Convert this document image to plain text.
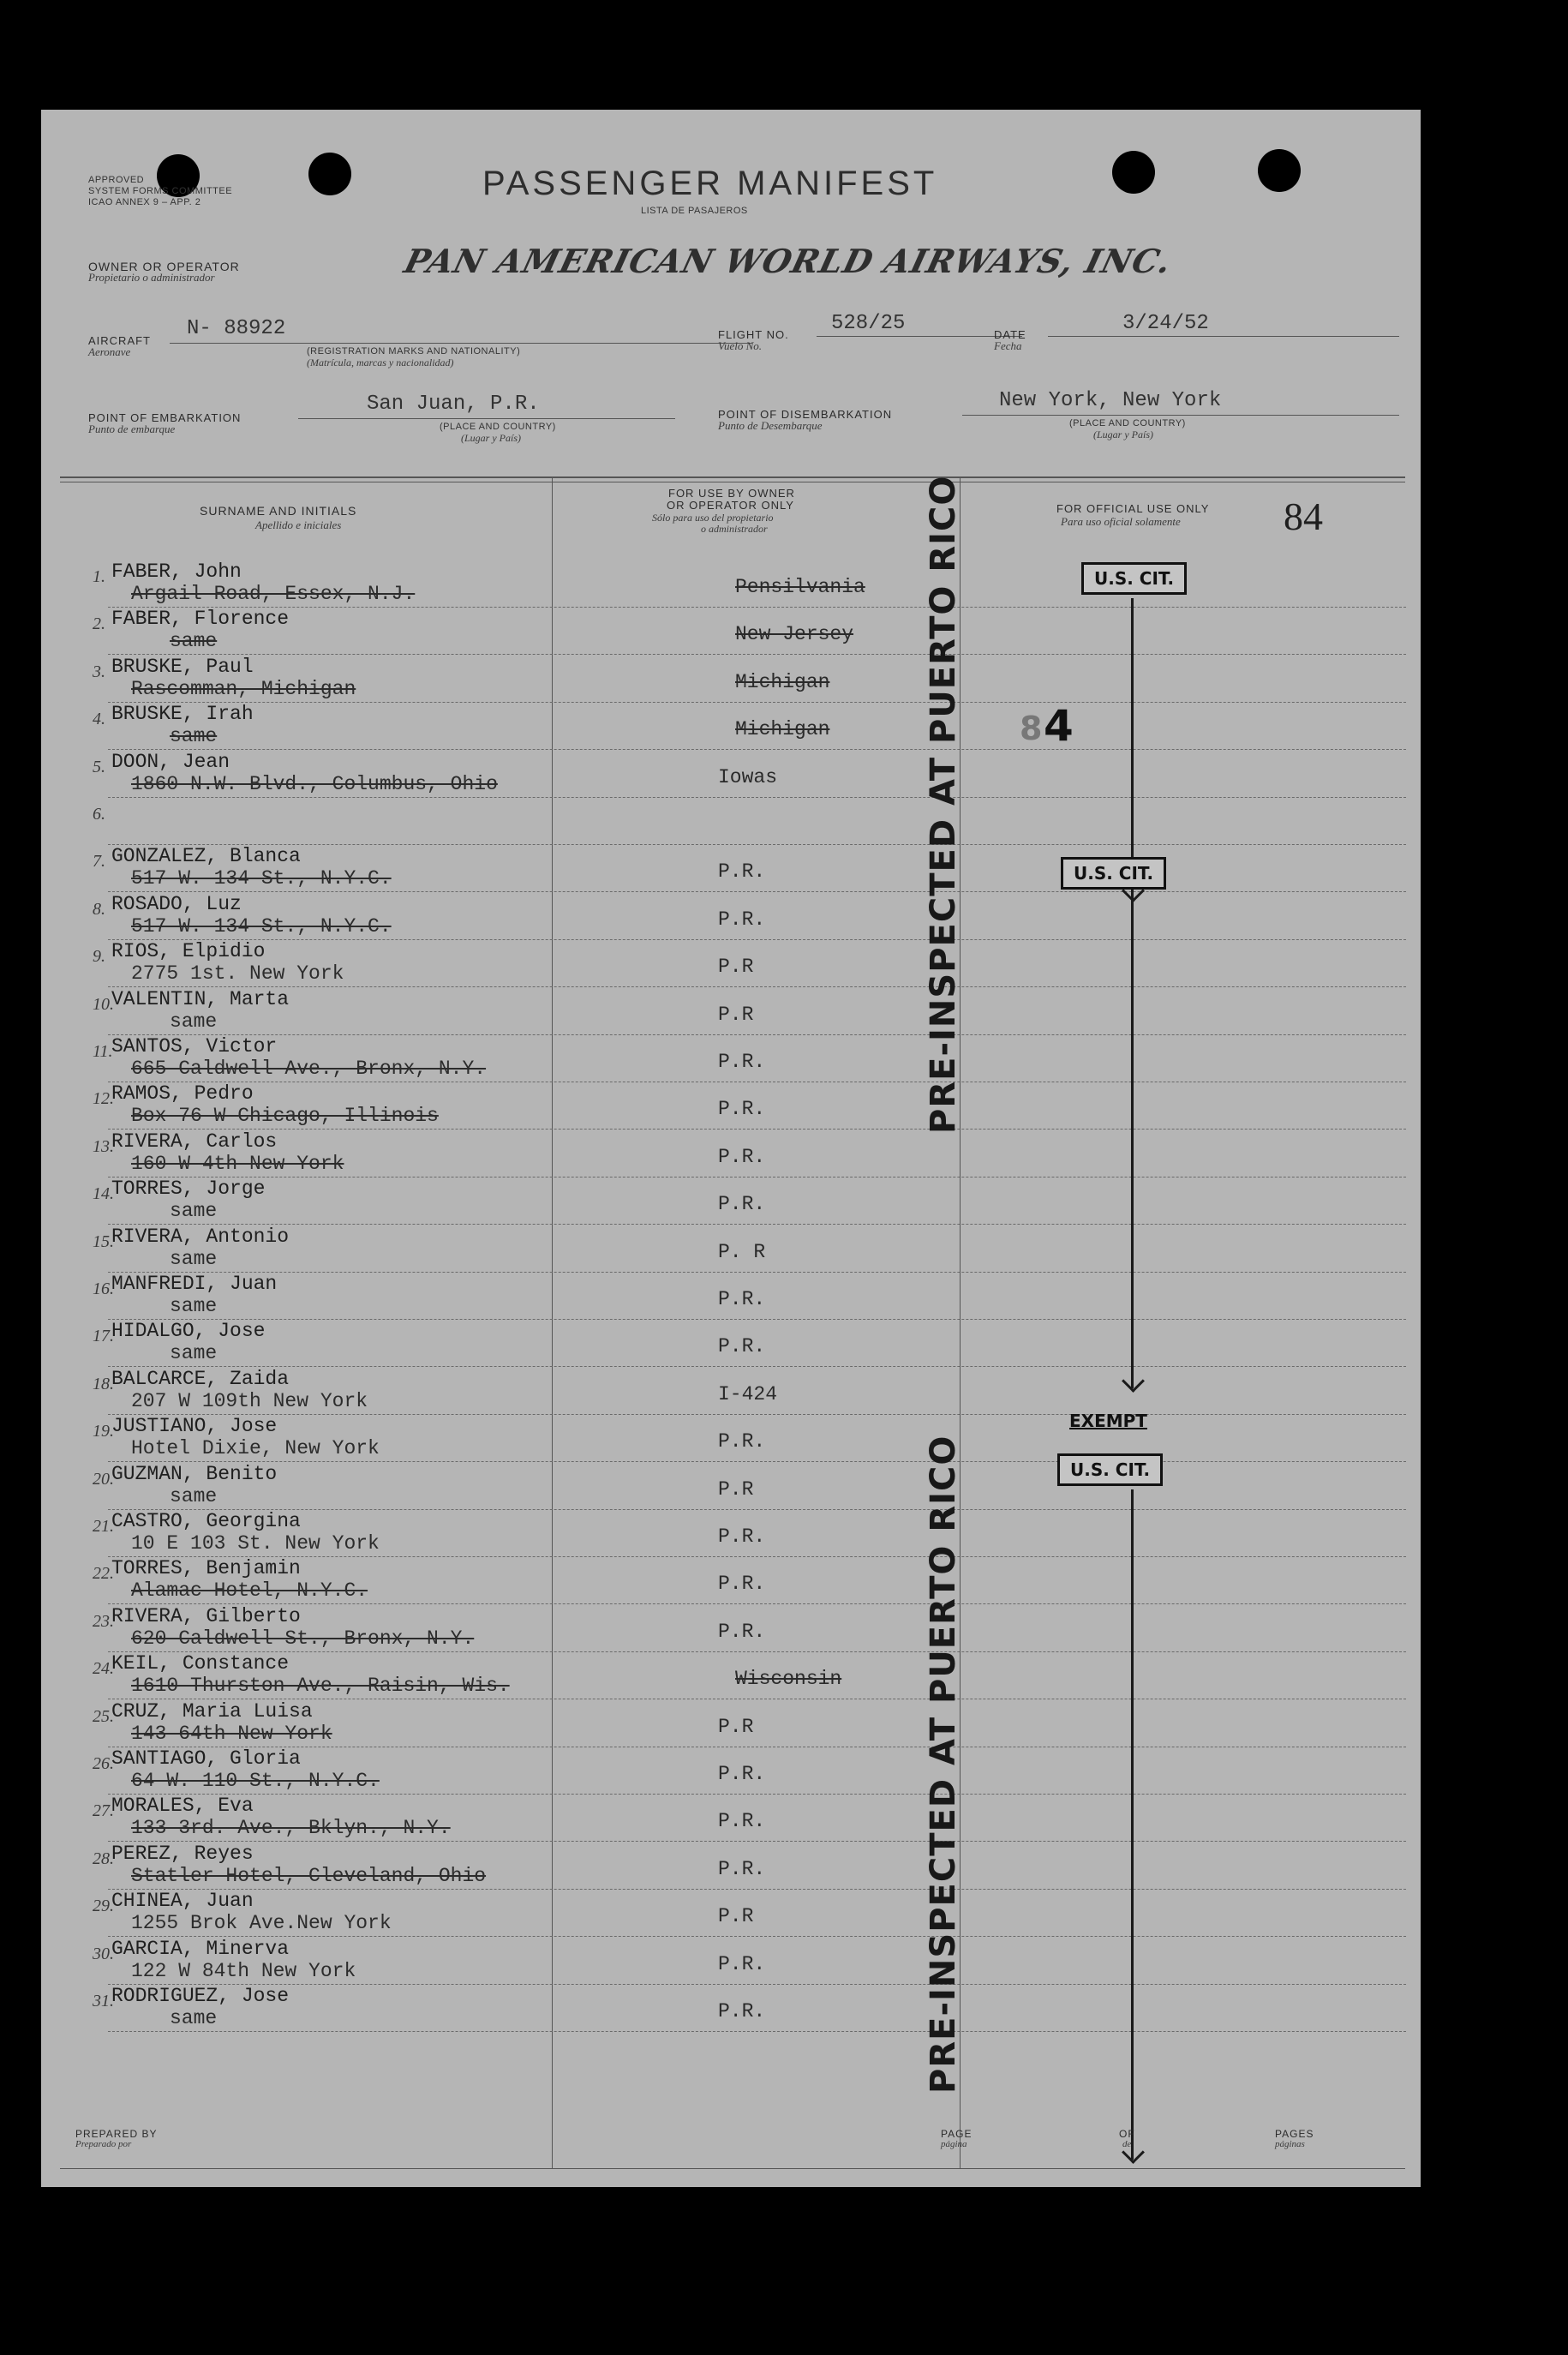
APPROVED
SYSTEM FORMS COMMITTEE
ICAO ANNEX 9 – APP. 2	PASSENGER MANIFEST
LISTA DE PASAJEROS
OWNER OR OPERATOR
Propietario o administrador	PAN AMERICAN WORLD AIRWAYS, INC.
AIRCRAFT
Aeronave
N- 88922
(REGISTRATION MARKS AND NATIONALITY)
(Matrícula, marcas y nacionalidad)
FLIGHT NO.
Vuelo No.
528/25	DATE
Fecha
3/24/52
POINT OF EMBARKATION
Punto de embarque
San Juan, P.R.
(PLACE AND COUNTRY)
(Lugar y País)
POINT OF DISEMBARKATION
Punto de Desembarque
New York, New York
(PLACE AND COUNTRY)
(Lugar y País)
SURNAME AND INITIALS
Apellido e iniciales
FOR USE BY OWNER
OR OPERATOR ONLY
Sólo para uso del propietario
o administrador
FOR OFFICIAL USE ONLY
Para uso oficial solamente	84
1. FABER, John
Argail Road, Essex, N.J.	Pensilvania
2. FABER, Florence
same	New Jersey
3. BRUSKE, Paul
Rascomman, Michigan	Michigan
4. BRUSKE, Irah
same	Michigan
5. DOON, Jean
1860 N.W. Blvd., Columbus, Ohio	Iowas
6.
7. GONZALEZ, Blanca
517 W. 134 St., N.Y.C.	P.R.
8. ROSADO, Luz
517 W. 134 St., N.Y.C.	P.R.
9. RIOS, Elpidio
2775 1st. New York	P.R
10.
VALENTIN, Marta
same	P.R
11.
SANTOS, Victor
665 Caldwell Ave., Bronx, N.Y.	P.R.
12.
RAMOS, Pedro
Box 76 W Chicago, Illinois	P.R.
13.
RIVERA, Carlos
160 W 4th New York	P.R.
14.
TORRES, Jorge
same	P.R.
15.
RIVERA, Antonio
same	P. R
16.
MANFREDI, Juan
same	P.R.
17.
HIDALGO, Jose
same	P.R.
18.
BALCARCE, Zaida
207 W 109th New York	I-424
19.
JUSTIANO, Jose
Hotel Dixie, New York	P.R.
20.
GUZMAN, Benito
same	P.R
21.
CASTRO, Georgina
10 E 103 St. New York	P.R.
22.
TORRES, Benjamin
Alamac Hotel, N.Y.C.	P.R.
23.
RIVERA, Gilberto
620 Caldwell St., Bronx, N.Y.	P.R.
24.
KEIL, Constance
1610 Thurston Ave., Raisin, Wis.	Wisconsin
25.
CRUZ, Maria Luisa
143 64th New York	P.R
26.
SANTIAGO, Gloria
64 W. 110 St., N.Y.C.	P.R.
27.
MORALES, Eva
133 3rd. Ave., Bklyn., N.Y.	P.R.
28.
PEREZ, Reyes
Statler Hotel, Cleveland, Ohio	P.R.
29.
CHINEA, Juan
1255 Brok Ave.New York	P.R
30.
GARCIA, Minerva
122 W 84th New York	P.R.
31.
RODRIGUEZ, Jose
same	P.R.
PRE-INSPECTED AT PUERTO RICO
PRE-INSPECTED AT PUERTO RICO
U.S. CIT.
U.S. CIT.
EXEMPT
U.S. CIT.
8 4
PREPARED BY
Preparado por
PAGE
página
OF
de
PAGES
páginas
